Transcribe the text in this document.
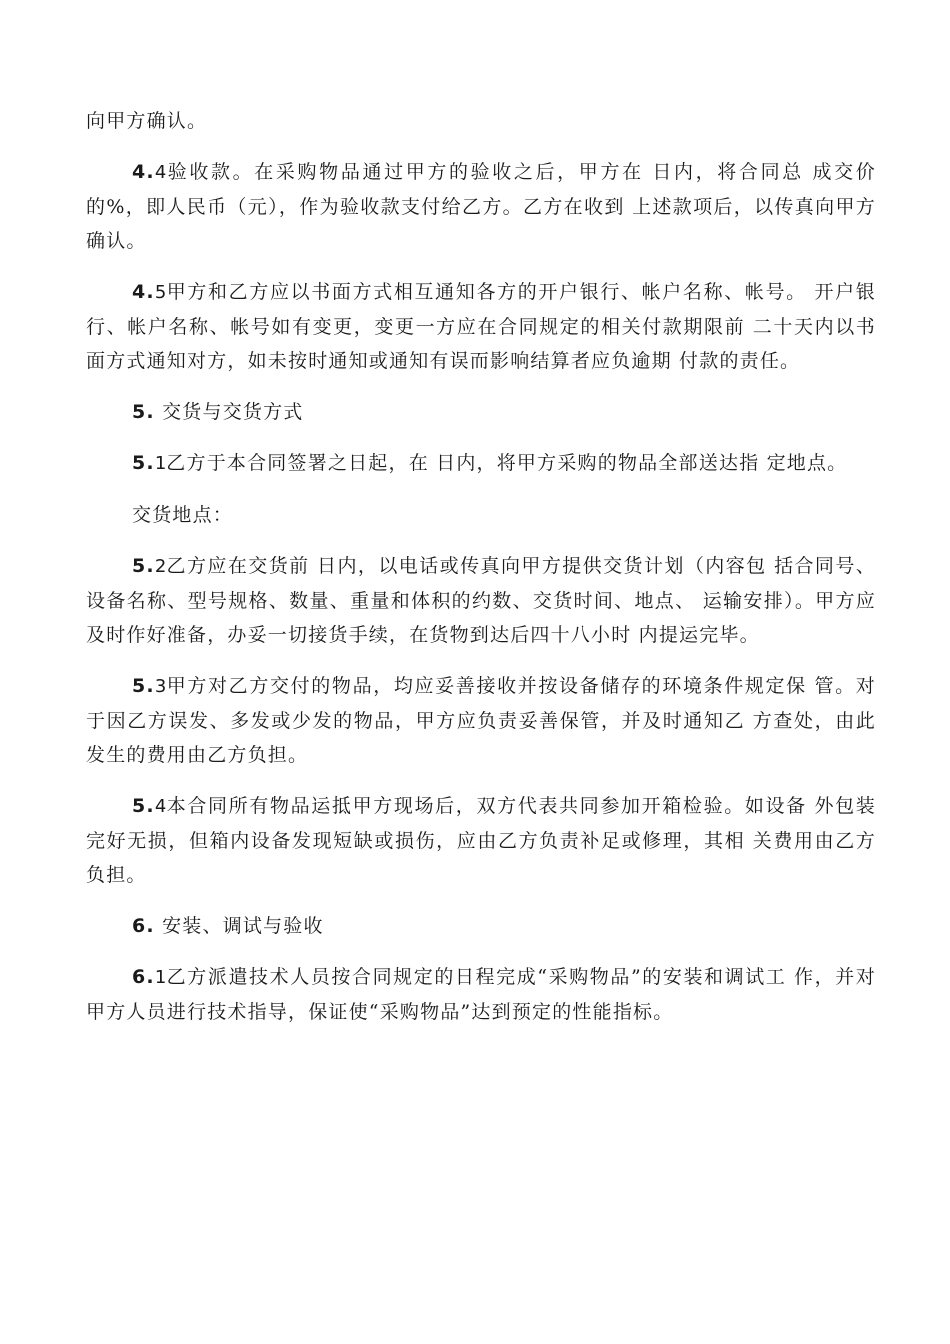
向甲方确认。

4.4验收款。在采购物品通过甲方的验收之后，甲方在 日内，将合同总 成交价的%，即人民币（元），作为验收款支付给乙方。乙方在收到 上述款项后，以传真向甲方确认。

4.5甲方和乙方应以书面方式相互通知各方的开户银行、帐户名称、帐号。 开户银行、帐户名称、帐号如有变更，变更一方应在合同规定的相关付款期限前 二十天内以书面方式通知对方，如未按时通知或通知有误而影响结算者应负逾期 付款的责任。

5. 交货与交货方式

5.1乙方于本合同签署之日起，在 日内，将甲方采购的物品全部送达指 定地点。

交货地点：

5.2乙方应在交货前 日内，以电话或传真向甲方提供交货计划（内容包 括合同号、设备名称、型号规格、数量、重量和体积的约数、交货时间、地点、 运输安排）。甲方应及时作好准备，办妥一切接货手续，在货物到达后四十八小时 内提运完毕。

5.3甲方对乙方交付的物品，均应妥善接收并按设备储存的环境条件规定保 管。对于因乙方误发、多发或少发的物品，甲方应负责妥善保管，并及时通知乙 方查处，由此发生的费用由乙方负担。

5.4本合同所有物品运抵甲方现场后，双方代表共同参加开箱检验。如设备 外包装完好无损，但箱内设备发现短缺或损伤，应由乙方负责补足或修理，其相 关费用由乙方负担。

6. 安装、调试与验收

6.1乙方派遣技术人员按合同规定的日程完成“采购物品”的安装和调试工 作，并对甲方人员进行技术指导，保证使“采购物品”达到预定的性能指标。
